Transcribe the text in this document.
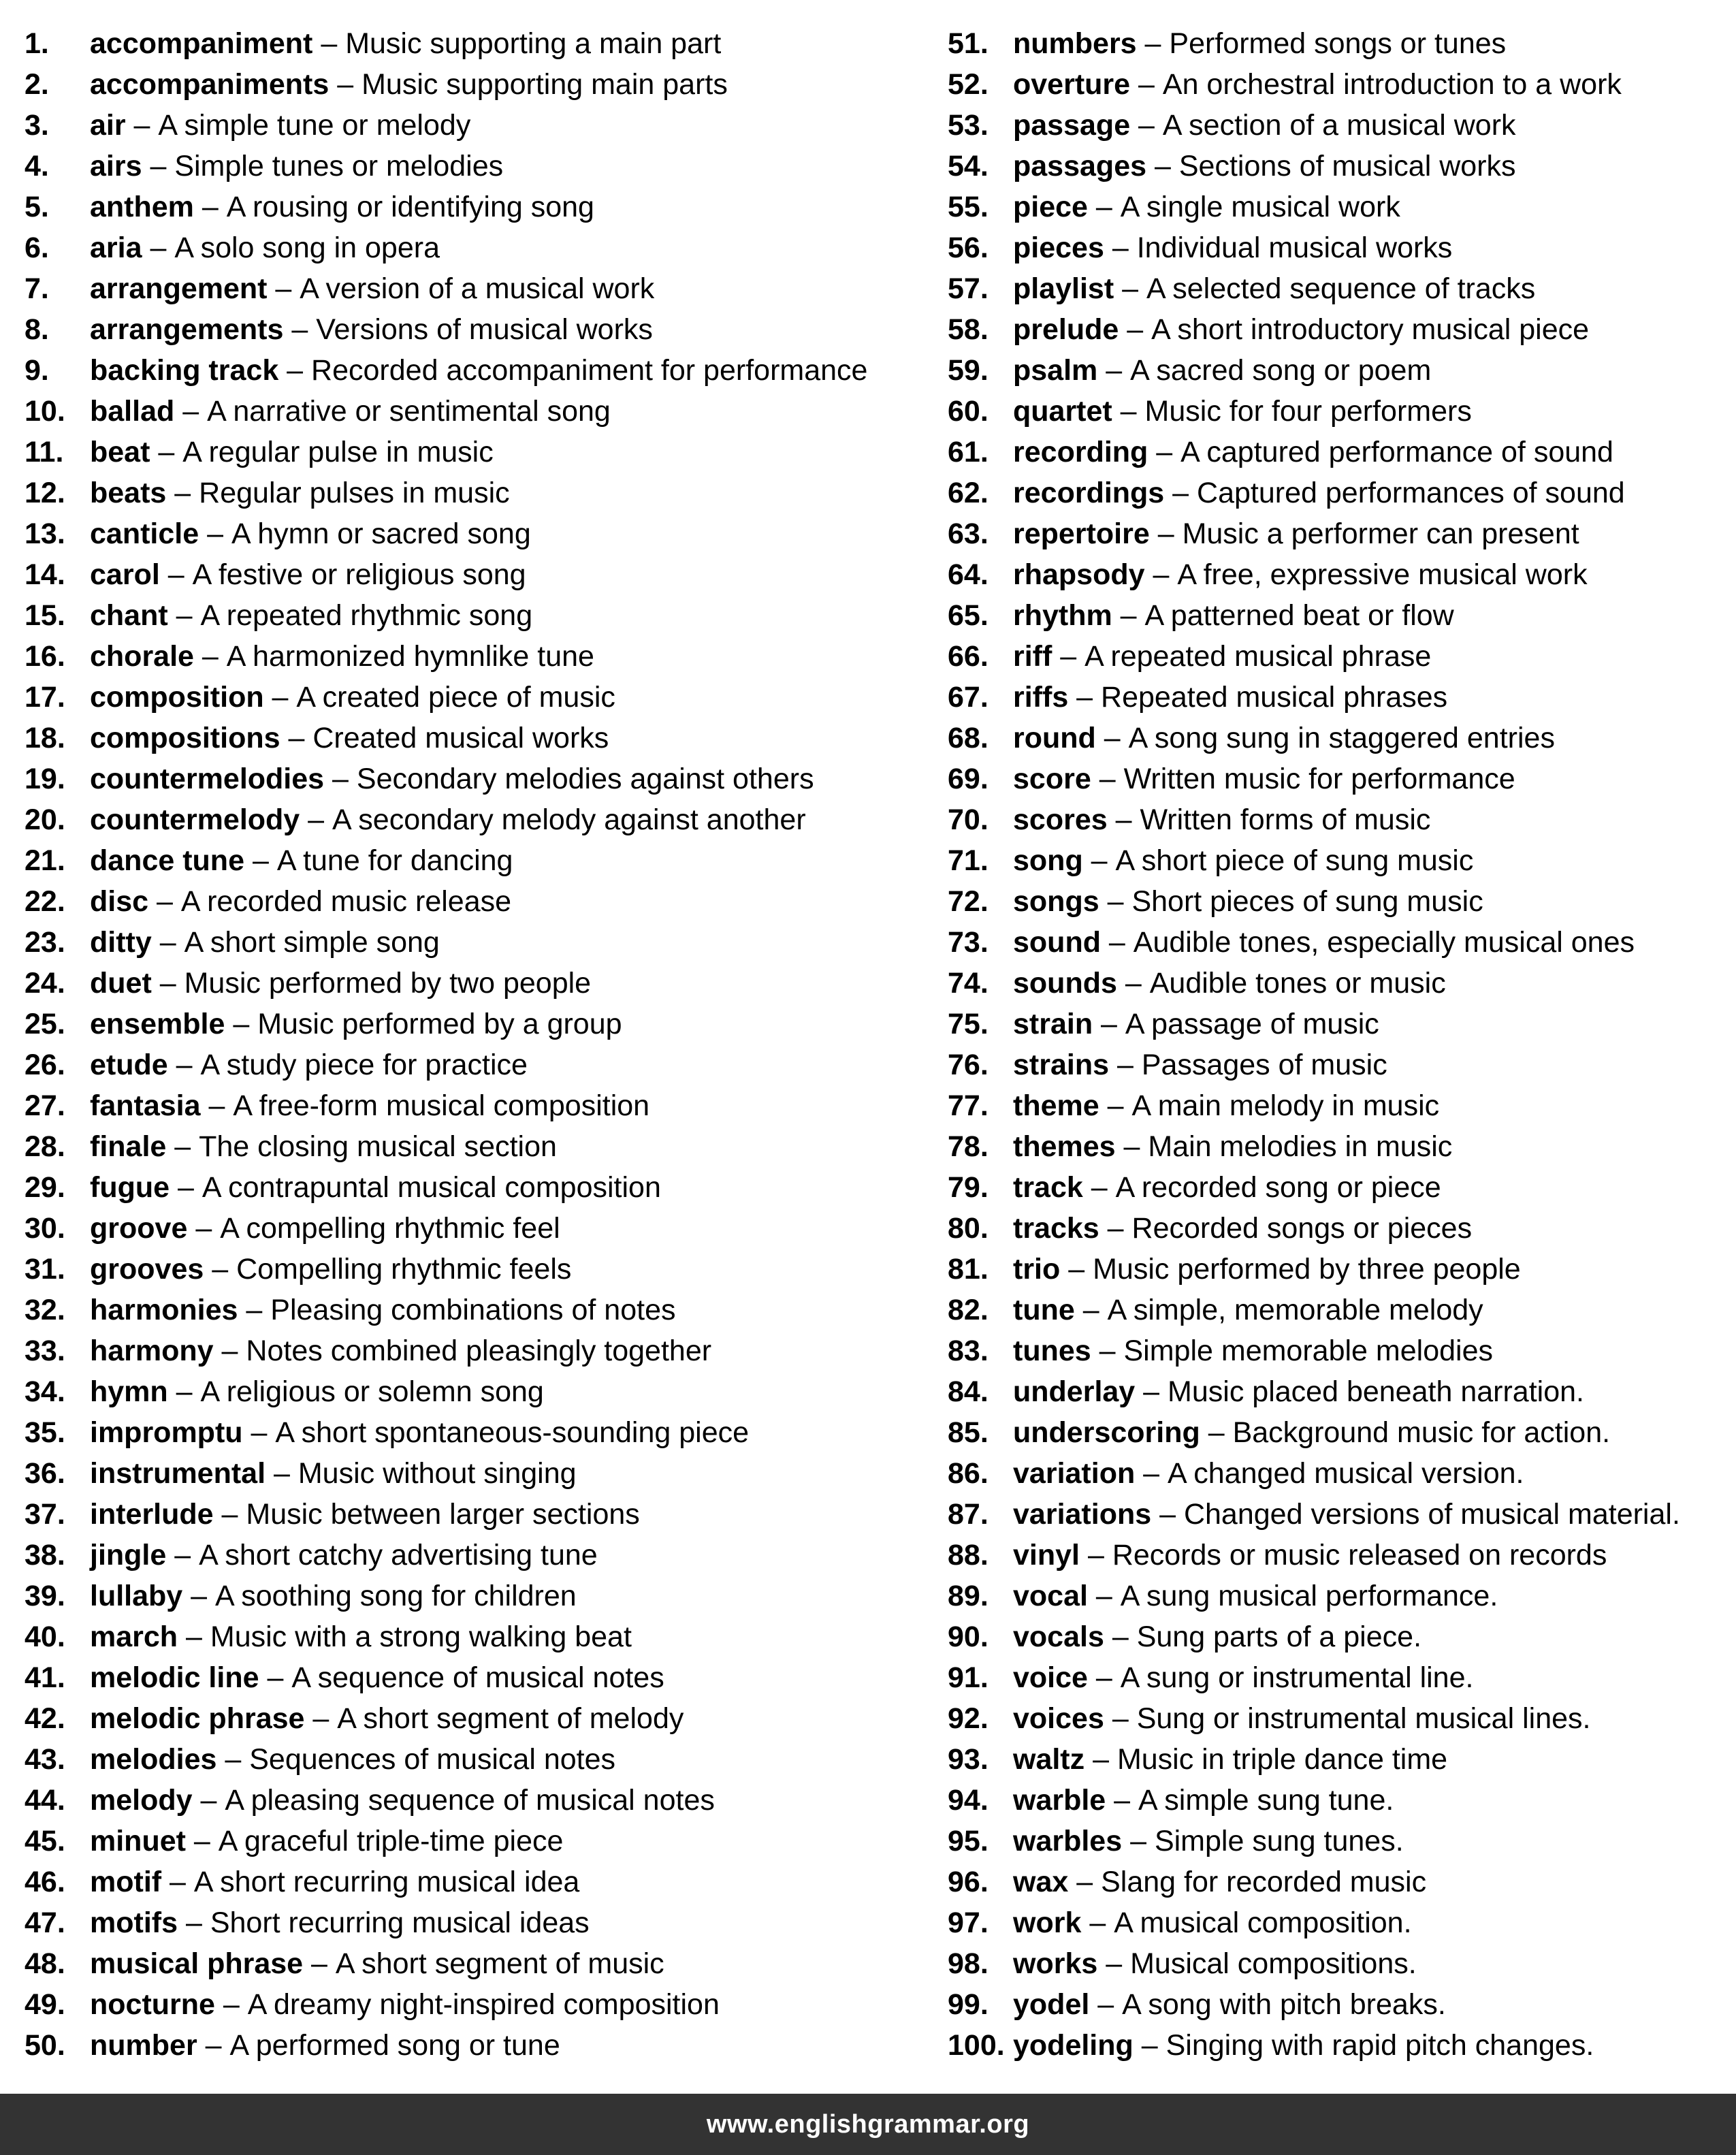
1.	accompaniment – Music supporting a main part
2.	accompaniments – Music supporting main parts
3.	air – A simple tune or melody
4.	airs – Simple tunes or melodies
5.	anthem – A rousing or identifying song
6.	aria – A solo song in opera
7.	arrangement – A version of a musical work
8.	arrangements – Versions of musical works
9.	backing track – Recorded accompaniment for performance
10. ballad – A narrative or sentimental song
11. beat – A regular pulse in music
12. beats – Regular pulses in music
13. canticle – A hymn or sacred song
14. carol – A festive or religious song
15. chant – A repeated rhythmic song
16. chorale – A harmonized hymnlike tune
17. composition – A created piece of music
18. compositions – Created musical works
19. countermelodies – Secondary melodies against others
20. countermelody – A secondary melody against another
21. dance tune – A tune for dancing
22. disc – A recorded music release
23. ditty – A short simple song
24. duet – Music performed by two people
25. ensemble – Music performed by a group
26. etude – A study piece for practice
27. fantasia – A free-form musical composition
28. finale – The closing musical section
29. fugue – A contrapuntal musical composition
30. groove – A compelling rhythmic feel
31. grooves – Compelling rhythmic feels
32. harmonies – Pleasing combinations of notes
33. harmony – Notes combined pleasingly together
34. hymn – A religious or solemn song
35. impromptu – A short spontaneous-sounding piece
36. instrumental – Music without singing
37. interlude – Music between larger sections
38. jingle – A short catchy advertising tune
39. lullaby – A soothing song for children
40. march – Music with a strong walking beat
41. melodic line – A sequence of musical notes
42. melodic phrase – A short segment of melody
43. melodies – Sequences of musical notes
44. melody – A pleasing sequence of musical notes
45. minuet – A graceful triple-time piece
46. motif – A short recurring musical idea
47. motifs – Short recurring musical ideas
48. musical phrase – A short segment of music
49. nocturne – A dreamy night-inspired composition
50. number – A performed song or tune
51. numbers – Performed songs or tunes
52. overture – An orchestral introduction to a work
53. passage – A section of a musical work
54. passages – Sections of musical works
55. piece – A single musical work
56. pieces – Individual musical works
57. playlist – A selected sequence of tracks
58. prelude – A short introductory musical piece
59. psalm – A sacred song or poem
60. quartet – Music for four performers
61. recording – A captured performance of sound
62. recordings – Captured performances of sound
63. repertoire – Music a performer can present
64. rhapsody – A free, expressive musical work
65. rhythm – A patterned beat or flow
66. riff – A repeated musical phrase
67. riffs – Repeated musical phrases
68. round – A song sung in staggered entries
69. score – Written music for performance
70. scores – Written forms of music
71. song – A short piece of sung music
72. songs – Short pieces of sung music
73. sound – Audible tones, especially musical ones
74. sounds – Audible tones or music
75. strain – A passage of music
76. strains – Passages of music
77. theme – A main melody in music
78. themes – Main melodies in music
79. track – A recorded song or piece
80. tracks – Recorded songs or pieces
81. trio – Music performed by three people
82. tune – A simple, memorable melody
83. tunes – Simple memorable melodies
84. underlay – Music placed beneath narration.
85. underscoring – Background music for action.
86. variation – A changed musical version.
87. variations – Changed versions of musical material.
88. vinyl – Records or music released on records
89. vocal – A sung musical performance.
90. vocals – Sung parts of a piece.
91. voice – A sung or instrumental line.
92. voices – Sung or instrumental musical lines.
93. waltz – Music in triple dance time
94. warble – A simple sung tune.
95. warbles – Simple sung tunes.
96. wax – Slang for recorded music
97. work – A musical composition.
98. works – Musical compositions.
99. yodel – A song with pitch breaks.
100. yodeling – Singing with rapid pitch changes.
www.englishgrammar.org
